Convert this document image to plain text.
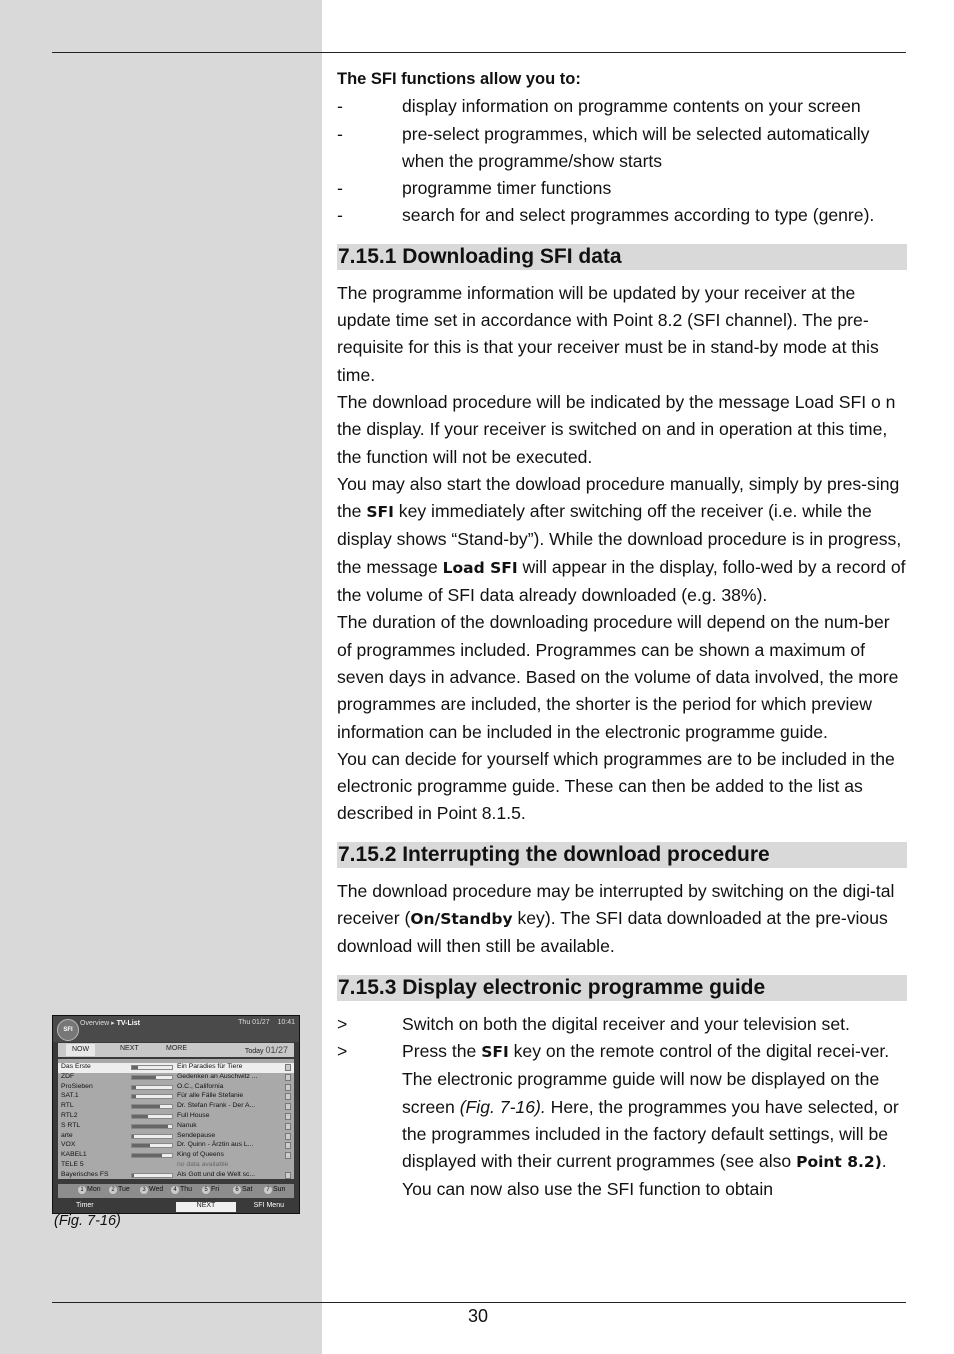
The SFI functions allow you to:

-	display information on programme contents on your screen
-	pre-select programmes, which will be selected automatically when the programme/show starts
-	programme timer functions
-	search for and select programmes according to type (genre).
7.15.1 Downloading SFI data

The programme information will be updated by your receiver at the update time set in accordance with Point 8.2 (SFI channel). The pre-requisite for this is that your receiver must be in stand-by mode at this time.

The download procedure will be indicated by the message Load SFI o n the display. If your receiver is switched on and in operation at this time, the function will not be executed.

You may also start the dowload procedure manually, simply by pres-sing the SFI key immediately after switching off the receiver (i.e. while the display shows “Stand-by”). While the download procedure is in progress, the message Load SFI will appear in the display, follo-wed by a record of the volume of SFI data already downloaded (e.g. 38%).

The duration of the downloading procedure will depend on the num-ber of programmes included. Programmes can be shown a maximum of seven days in advance. Based on the volume of data involved, the more programmes are included, the shorter is the period for which preview information can be included in the electronic programme guide.

You can decide for yourself which programmes are to be included in the electronic programme guide. These can then be added to the list as described in Point 8.1.5.

7.15.2 Interrupting the download procedure

The download procedure may be interrupted by switching on the digi-tal receiver (On/Standby key). The SFI data downloaded at the pre-vious download will then still be available.

7.15.3 Display electronic programme guide
>	Switch on both the digital receiver and your television set.
>	Press the SFI key on the remote control of the digital recei-ver.
The electronic programme guide will now be displayed on the screen (Fig. 7-16). Here, the programmes you have selected, or the programmes included in the factory default settings, will be displayed with their current programmes (see also Point 8.2). You can now also use the SFI function to obtain
SFI
Overview ▸ TV-List	Thu 01/27 10:41
NOW	NEXT	MORE	Today 01/27
Das Erste	Ein Paradies für Tiere
ZDF	Gedenken an Auschwitz ...
ProSieben	O.C., California
SAT.1	Für alle Fälle Stefanie
RTL	Dr. Stefan Frank - Der A...
RTL2	Full House
S RTL	Nanuk
arte	Sendepause
VOX	Dr. Quinn - Ärztin aus L...
KABEL1	King of Queens
TELE 5	no data available
Bayerisches FS	Als Gott und die Welt sc...
1 Mon	2 Tue	3 Wed	4 Thu	5 Fri	6 Sat	7 Sun
Timer	NEXT	SFI Menu
(Fig. 7-16)
30
